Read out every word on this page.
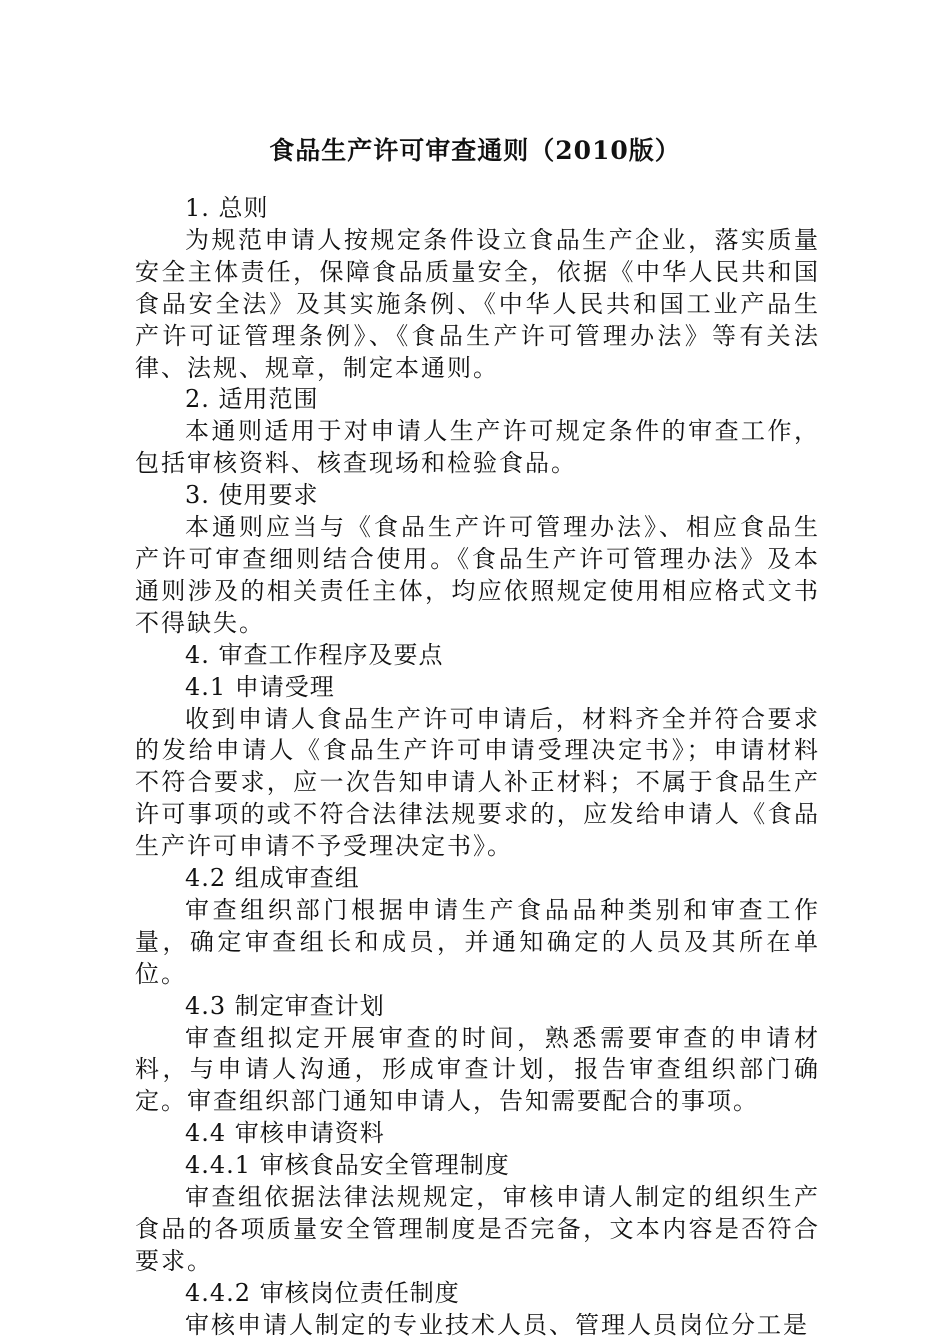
食品生产许可审查通则（2010版）

1. 总则

为规范申请人按规定条件设立食品生产企业，落实质量安全主体责任，保障食品质量安全，依据《中华人民共和国食品安全法》及其实施条例、《中华人民共和国工业产品生产许可证管理条例》、《食品生产许可管理办法》等有关法律、法规、规章，制定本通则。

2. 适用范围

本通则适用于对申请人生产许可规定条件的审查工作，包括审核资料、核查现场和检验食品。

3. 使用要求

本通则应当与《食品生产许可管理办法》、相应食品生产许可审查细则结合使用。《食品生产许可管理办法》及本通则涉及的相关责任主体，均应依照规定使用相应格式文书不得缺失。

4. 审查工作程序及要点

4.1 申请受理

收到申请人食品生产许可申请后，材料齐全并符合要求的发给申请人《食品生产许可申请受理决定书》；申请材料不符合要求，应一次告知申请人补正材料；不属于食品生产许可事项的或不符合法律法规要求的，应发给申请人《食品生产许可申请不予受理决定书》。

4.2 组成审查组

审查组织部门根据申请生产食品品种类别和审查工作量，确定审查组长和成员，并通知确定的人员及其所在单位。

4.3 制定审查计划

审查组拟定开展审查的时间，熟悉需要审查的申请材料，与申请人沟通，形成审查计划，报告审查组织部门确定。审查组织部门通知申请人，告知需要配合的事项。

4.4 审核申请资料

4.4.1 审核食品安全管理制度

审查组依据法律法规规定，审核申请人制定的组织生产食品的各项质量安全管理制度是否完备，文本内容是否符合要求。

4.4.2 审核岗位责任制度

审核申请人制定的专业技术人员、管理人员岗位分工是
